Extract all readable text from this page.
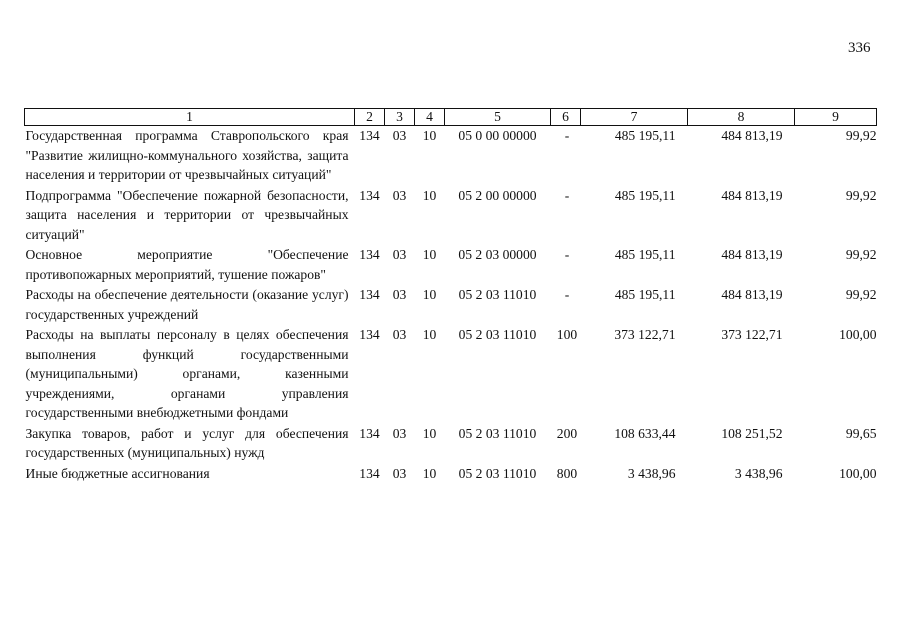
336
1	2	3	4	5	6	7	8	9
Государственная программа Ставропольского края "Развитие жилищно-коммунального хозяйства, защита населения и территории от чрезвычайных ситуаций"	134	03	10	05 0 00 00000	-	485 195,11	484 813,19	99,92
Подпрограмма "Обеспечение пожарной безопасности, защита населения и территории от чрезвычайных ситуаций"	134	03	10	05 2 00 00000	-	485 195,11	484 813,19	99,92
Основное мероприятие "Обеспечение противопожарных мероприятий, тушение пожаров"	134	03	10	05 2 03 00000	-	485 195,11	484 813,19	99,92
Расходы на обеспечение деятельности (оказание услуг) государственных учреждений	134	03	10	05 2 03 11010	-	485 195,11	484 813,19	99,92
Расходы на выплаты персоналу в целях обеспечения выполнения функций государственными (муниципальными) органами, казенными учреждениями, органами управления государственными внебюджетными фондами	134	03	10	05 2 03 11010	100	373 122,71	373 122,71	100,00
Закупка товаров, работ и услуг для обеспечения государственных (муниципальных) нужд	134	03	10	05 2 03 11010	200	108 633,44	108 251,52	99,65
Иные бюджетные ассигнования	134	03	10	05 2 03 11010	800	3 438,96	3 438,96	100,00
